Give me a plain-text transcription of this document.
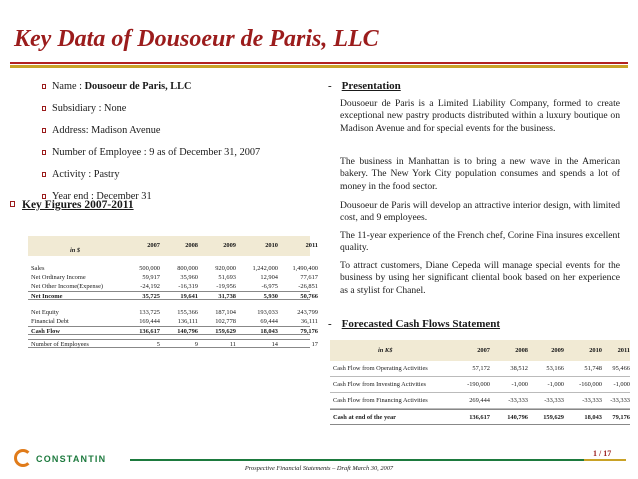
Key Data of Dousoeur de Paris, LLC
Name : Dousoeur de Paris, LLC
Subsidiary : None
Address: Madison Avenue
Number of Employee : 9 as of December 31, 2007
Activity : Pastry
Year end : December 31
Key Figures 2007-2011
in $
2007	2008	2009	2010	2011
Sales	500,000	800,000	920,000	1,242,000	1,490,400
Net Ordinary Income	59,917	35,960	51,693	12,904	77,617
Net Other Income(Expense)	-24,192	-16,319	-19,956	-6,975	-26,851
Net Income	35,725	19,641	31,738	5,930	50,766
Net Equity	133,725	155,366	187,104	193,033	243,799
Financial Debt	169,444	136,111	102,778	69,444	36,111
Cash Flow	136,617	140,796	159,629	18,043	79,176
Number of Employees	5	9	11	14	17
- Presentation

Dousoeur de Paris is a Limited Liability Company, formed to create exceptional new pastry products distributed within a luxury boutique on Madison Avenue and for special events for the business.

The business in Manhattan is to bring a new wave in the American bakery. The New York City population consumes and spends a lot of money in the food sector.

Dousoeur de Paris will develop an attractive interior design, with limited cost, and 9 employees.

The 11-year experience of the French chef, Corine Fina insures excellent quality.

To attract customers, Diane Cepeda will manage special events for the business by using her significant cliental book based on her experience as a stylist for Chanel.

- Forecasted Cash Flows Statement
in K$	2007	2008	2009	2010	2011
Cash Flow from Operating Activities	57,172	38,512	53,166	51,748	95,466
Cash Flow from Investing Activities	-190,000	-1,000	-1,000	-160,000	-1,000
Cash Flow from Financing Activities	269,444	-33,333	-33,333	-33,333	-33,333
Cash at end of the year	136,617	140,796	159,629	18,043	79,176
CONSTANTIN
1 / 17
Prospective Financial Statements – Draft March 30, 2007
